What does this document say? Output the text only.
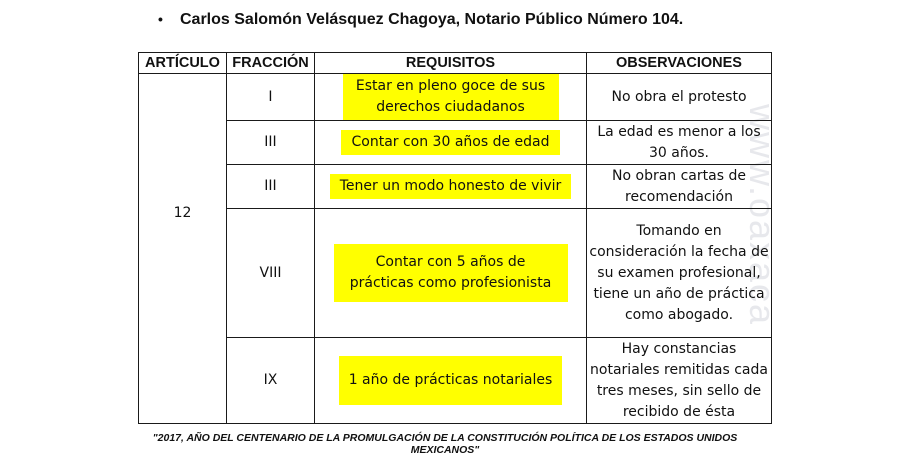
• Carlos Salomón Velásquez Chagoya, Notario Público Número 104.
www.oaxaca
ARTÍCULO	FRACCIÓN	REQUISITOS	OBSERVACIONES
12	I	Estar en pleno goce de sus derechos ciudadanos	No obra el protesto
	III	Contar con 30 años de edad	La edad es menor a los 30 años.
	III	Tener un modo honesto de vivir	No obran cartas de recomendación
	VIII	Contar con 5 años de prácticas como profesionista	Tomando en consideración la fecha de su examen profesional, tiene un año de práctica como abogado.
	IX	1 año de prácticas notariales	Hay constancias notariales remitidas cada tres meses, sin sello de recibido de ésta
"2017, AÑO DEL CENTENARIO DE LA PROMULGACIÓN DE LA CONSTITUCIÓN POLÍTICA DE LOS ESTADOS UNIDOS MEXICANOS"
